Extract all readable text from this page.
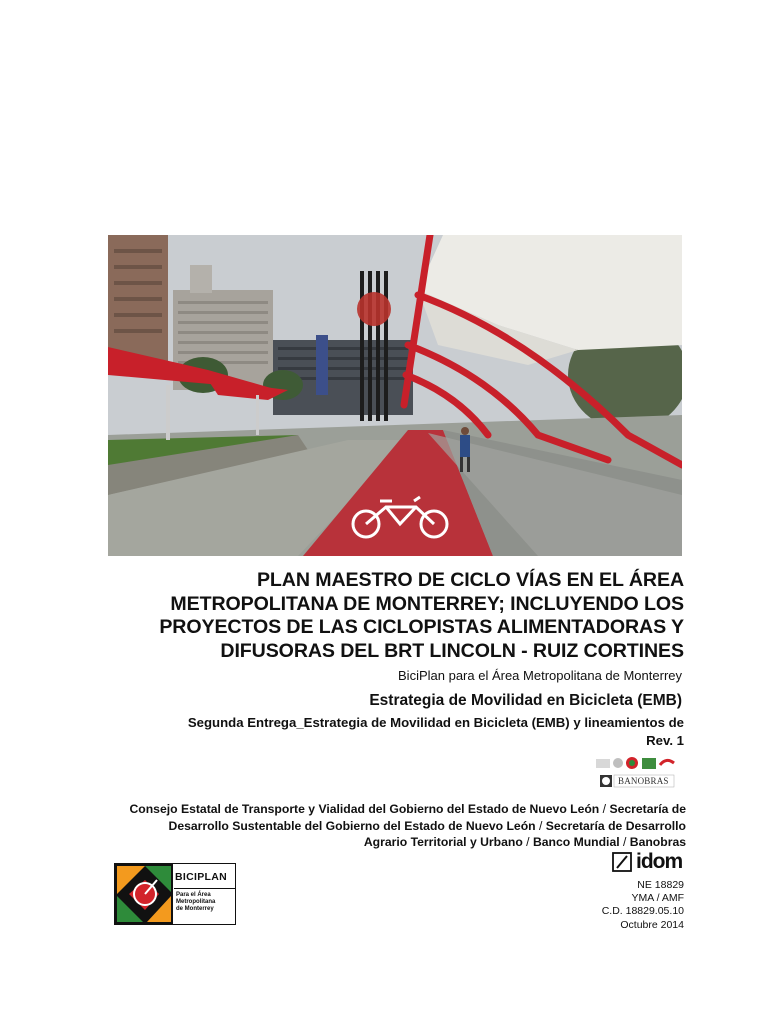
PLAN MAESTRO DE CICLO VÍAS EN EL ÁREA
METROPOLITANA DE MONTERREY; INCLUYENDO LOS
PROYECTOS DE LAS CICLOPISTAS ALIMENTADORAS Y
DIFUSORAS DEL BRT LINCOLN - RUIZ CORTINES
BiciPlan para el Área Metropolitana de Monterrey
Estrategia de Movilidad en Bicicleta (EMB)
Segunda Entrega_Estrategia de Movilidad en Bicicleta (EMB) y lineamientos de
Rev. 1
BANOBRAS
Consejo Estatal de Transporte y Vialidad del Gobierno del Estado de Nuevo León / Secretaría de
Desarrollo Sustentable del Gobierno del Estado de Nuevo León / Secretaría de Desarrollo
Agrario Territorial y Urbano / Banco Mundial / Banobras
BICIPLAN
Para el Área
Metropolitana
de Monterrey
idom
NE 18829
YMA / AMF
C.D. 18829.05.10
Octubre 2014
